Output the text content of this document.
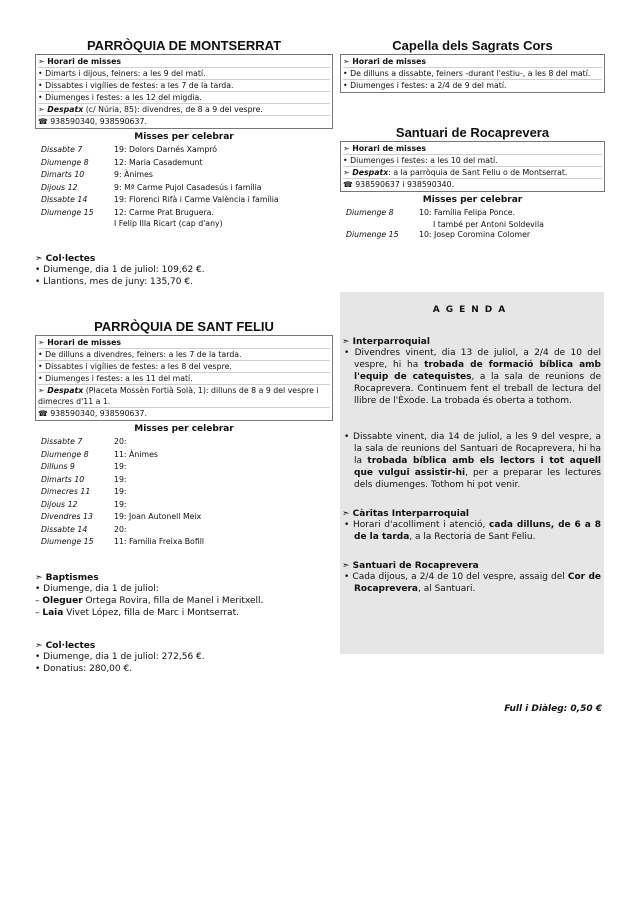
PARRÒQUIA DE MONTSERRAT
➣ Horari de misses
• Dimarts i dijous, feiners: a les 9 del matí.
• Dissabtes i vigílies de festes: a les 7 de la tarda.
• Diumenges i festes: a les 12 del migdia.
➣ Despatx (c/ Núria, 85): divendres, de 8 a 9 del vespre.
☎ 938590340, 938590637.
Misses per celebrar
Dissabte 7	19: Dolors Darnés Xampró
Diumenge 8	12: Maria Casademunt
Dimarts 10	9: Ànimes
Dijous 12	9: Mª Carme Pujol Casadesús i família
Dissabte 14	19: Florenci Rifà i Carme València i família
Diumenge 15	12: Carme Prat Bruguera.
I Felip Illa Ricart (cap d'any)
➣ Col·lectes
• Diumenge, dia 1 de juliol: 109,62 €.
• Llantions, mes de juny: 135,70 €.
PARRÒQUIA DE SANT FELIU
➣ Horari de misses
• De dilluns a divendres, feiners: a les 7 de la tarda.
• Dissabtes i vigílies de festes: a les 8 del vespre.
• Diumenges i festes: a les 11 del matí.
➣ Despatx (Placeta Mossèn Fortià Solà, 1): dilluns de 8 a 9 del vespre i dimecres d'11 a 1.
☎ 938590340, 938590637.
Misses per celebrar
Dissabte 7	20:
Diumenge 8	11: Ànimes
Dilluns 9	19:
Dimarts 10	19:
Dimecres 11	19:
Dijous 12	19:
Divendres 13	19: Joan Autonell Meix
Dissabte 14	20:
Diumenge 15	11: Família Freixa Bofill
➣ Baptismes
• Diumenge, dia 1 de juliol:
– Oleguer Ortega Rovira, filla de Manel i Meritxell.
– Laia Vivet López, filla de Marc i Montserrat.
➣ Col·lectes
• Diumenge, dia 1 de juliol: 272,56 €.
• Donatius: 280,00 €.
Capella dels Sagrats Cors
➣ Horari de misses
• De dilluns a dissabte, feiners -durant l'estiu-, a les 8 del matí.
• Diumenges i festes: a 2/4 de 9 del matí.
Santuari de Rocaprevera
➣ Horari de misses
• Diumenges i festes: a les 10 del matí.
➣ Despatx: a la parròquia de Sant Feliu o de Montserrat.
☎ 938590637 i 938590340.
Misses per celebrar
Diumenge 8	10: Família Felipa Ponce.
I també per Antoni Soldevila

Diumenge 15	10: Josep Coromina Colomer
AGENDA
➣ Interparroquial
• Divendres vinent, dia 13 de juliol, a 2/4 de 10 del vespre, hi ha trobada de formació bíblica amb l'equip de catequistes, a la sala de reunions de Rocaprevera. Continuem fent el treball de lectura del llibre de l'Èxode. La trobada és oberta a tothom.
• Dissabte vinent, dia 14 de juliol, a les 9 del vespre, a la sala de reunions del Santuari de Rocaprevera, hi ha la trobada bíblica amb els lectors i tot aquell que vulgui assistir-hi, per a preparar les lectures dels diumenges. Tothom hi pot venir.
➣ Càritas Interparroquial
• Horari d'acolliment i atenció, cada dilluns, de 6 a 8 de la tarda, a la Rectoria de Sant Feliu.
➣ Santuari de Rocaprevera
• Cada dijous, a 2/4 de 10 del vespre, assaig del Cor de Rocaprevera, al Santuari.
Full i Diàleg: 0,50 €
